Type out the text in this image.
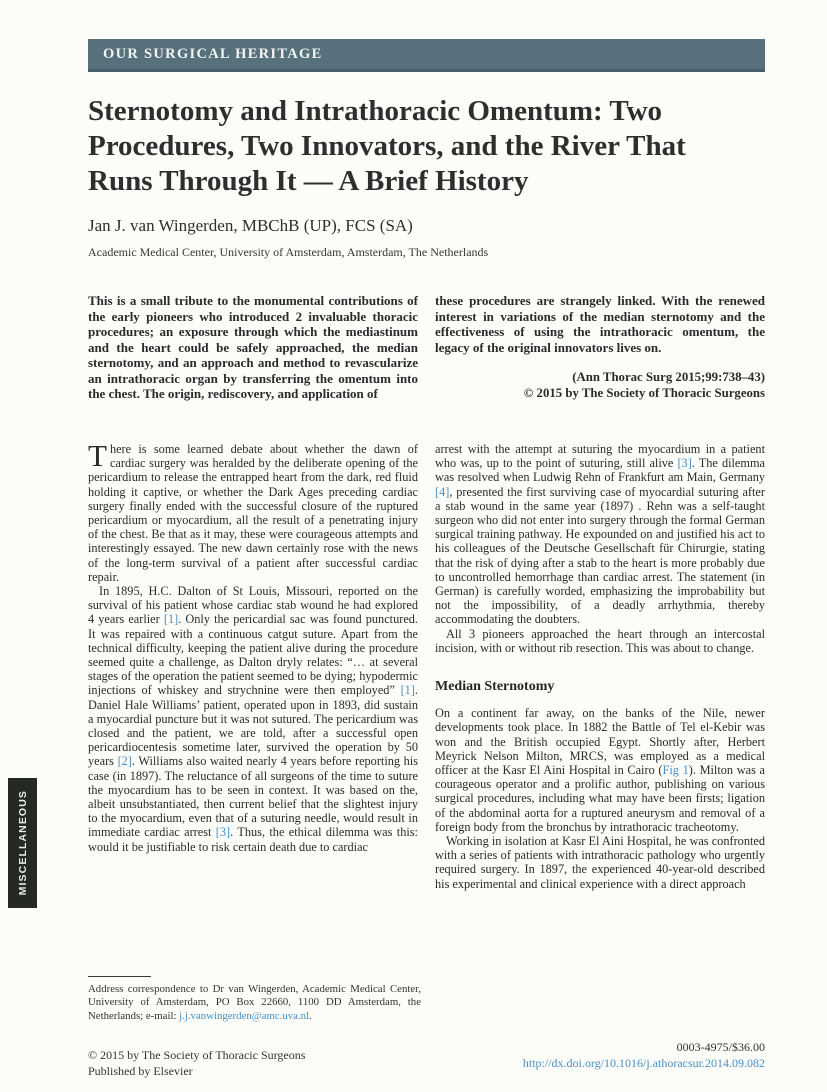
MISCELLANEOUS
OUR SURGICAL HERITAGE
Sternotomy and Intrathoracic Omentum: Two Procedures, Two Innovators, and the River That Runs Through It — A Brief History
Jan J. van Wingerden, MBChB (UP), FCS (SA)
Academic Medical Center, University of Amsterdam, Amsterdam, The Netherlands
This is a small tribute to the monumental contributions of the early pioneers who introduced 2 invaluable thoracic procedures; an exposure through which the mediastinum and the heart could be safely approached, the median sternotomy, and an approach and method to revascularize an intrathoracic organ by transferring the omentum into the chest. The origin, rediscovery, and application of
these procedures are strangely linked. With the renewed interest in variations of the median sternotomy and the effectiveness of using the intrathoracic omentum, the legacy of the original innovators lives on.
(Ann Thorac Surg 2015;99:738–43)
© 2015 by The Society of Thoracic Surgeons

There is some learned debate about whether the dawn of cardiac surgery was heralded by the deliberate opening of the pericardium to release the entrapped heart from the dark, red fluid holding it captive, or whether the Dark Ages preceding cardiac surgery finally ended with the successful closure of the ruptured pericardium or myocardium, all the result of a penetrating injury of the chest. Be that as it may, these were courageous attempts and interestingly essayed. The new dawn certainly rose with the news of the long-term survival of a patient after successful cardiac repair.

In 1895, H.C. Dalton of St Louis, Missouri, reported on the survival of his patient whose cardiac stab wound he had explored 4 years earlier [1]. Only the pericardial sac was found punctured. It was repaired with a continuous catgut suture. Apart from the technical difficulty, keeping the patient alive during the procedure seemed quite a challenge, as Dalton dryly relates: “… at several stages of the operation the patient seemed to be dying; hypodermic injections of whiskey and strychnine were then employed” [1]. Daniel Hale Williams’ patient, operated upon in 1893, did sustain a myocardial puncture but it was not sutured. The pericardium was closed and the patient, we are told, after a successful open pericardiocentesis sometime later, survived the operation by 50 years [2]. Williams also waited nearly 4 years before reporting his case (in 1897). The reluctance of all surgeons of the time to suture the myocardium has to be seen in context. It was based on the, albeit unsubstantiated, then current belief that the slightest injury to the myocardium, even that of a suturing needle, would result in immediate cardiac arrest [3]. Thus, the ethical dilemma was this: would it be justifiable to risk certain death due to cardiac

arrest with the attempt at suturing the myocardium in a patient who was, up to the point of suturing, still alive [3]. The dilemma was resolved when Ludwig Rehn of Frankfurt am Main, Germany [4], presented the first surviving case of myocardial suturing after a stab wound in the same year (1897) . Rehn was a self-taught surgeon who did not enter into surgery through the formal German surgical training pathway. He expounded on and justified his act to his colleagues of the Deutsche Gesellschaft für Chirurgie, stating that the risk of dying after a stab to the heart is more probably due to uncontrolled hemorrhage than cardiac arrest. The statement (in German) is carefully worded, emphasizing the improbability but not the impossibility, of a deadly arrhythmia, thereby accommodating the doubters.

All 3 pioneers approached the heart through an intercostal incision, with or without rib resection. This was about to change.

Median Sternotomy

On a continent far away, on the banks of the Nile, newer developments took place. In 1882 the Battle of Tel el-Kebir was won and the British occupied Egypt. Shortly after, Herbert Meyrick Nelson Milton, MRCS, was employed as a medical officer at the Kasr El Aini Hospital in Cairo (Fig 1). Milton was a courageous operator and a prolific author, publishing on various surgical procedures, including what may have been firsts; ligation of the abdominal aorta for a ruptured aneurysm and removal of a foreign body from the bronchus by intrathoracic tracheotomy.

Working in isolation at Kasr El Aini Hospital, he was confronted with a series of patients with intrathoracic pathology who urgently required surgery. In 1897, the experienced 40-year-old described his experimental and clinical experience with a direct approach

Address correspondence to Dr van Wingerden, Academic Medical Center, University of Amsterdam, PO Box 22660, 1100 DD Amsterdam, the Netherlands; e-mail: j.j.vanwingerden@amc.uva.nl.
© 2015 by The Society of Thoracic Surgeons
Published by Elsevier
0003-4975/$36.00
http://dx.doi.org/10.1016/j.athoracsur.2014.09.082
